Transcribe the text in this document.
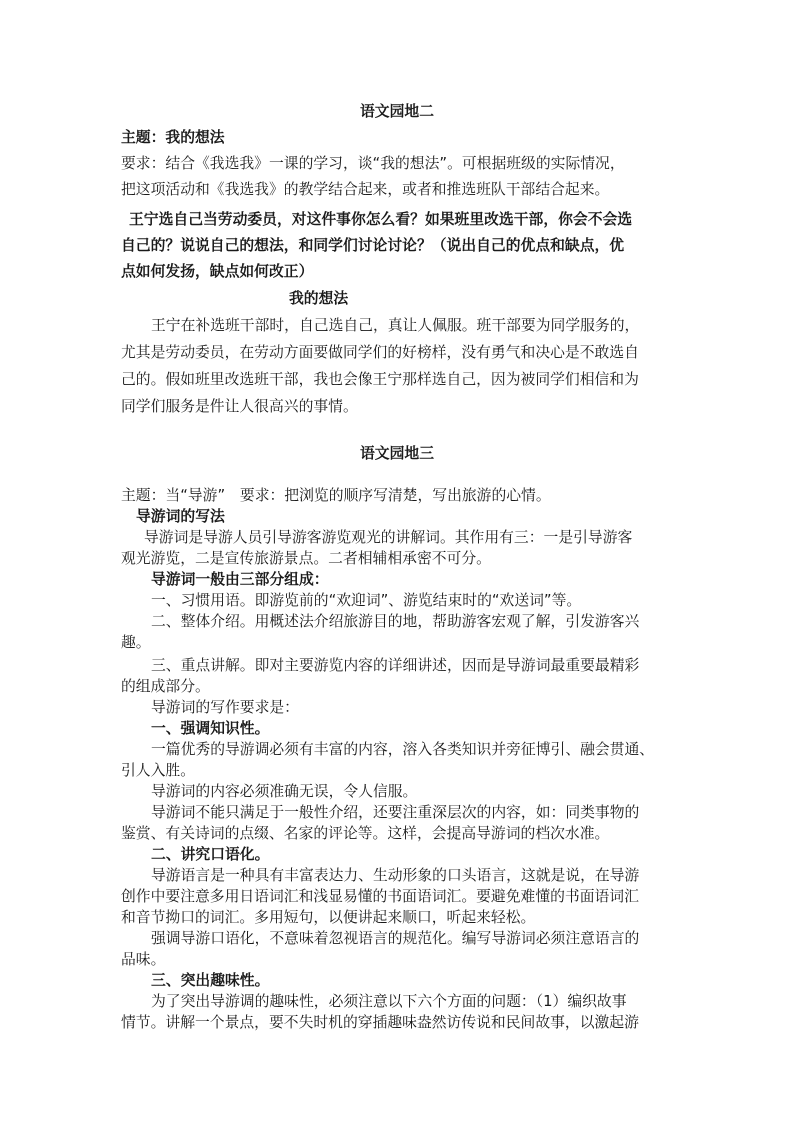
语文园地二
主题：我的想法
要求：结合《我选我》一课的学习，谈“我的想法”。可根据班级的实际情况，
把这项活动和《我选我》的教学结合起来，或者和推选班队干部结合起来。
王宁选自己当劳动委员，对这件事你怎么看？如果班里改选干部，你会不会选
自己的？说说自己的想法，和同学们讨论讨论？（说出自己的优点和缺点，优
点如何发扬，缺点如何改正）
我的想法
王宁在补选班干部时，自己选自己，真让人佩服。班干部要为同学服务的，
尤其是劳动委员，在劳动方面要做同学们的好榜样，没有勇气和决心是不敢选自
己的。假如班里改选班干部，我也会像王宁那样选自己，因为被同学们相信和为
同学们服务是件让人很高兴的事情。
语文园地三
主题：当“导游”　要求：把浏览的顺序写清楚，写出旅游的心情。
导游词的写法
导游词是导游人员引导游客游览观光的讲解词。其作用有三：一是引导游客
观光游览，二是宣传旅游景点。二者相辅相承密不可分。
导游词一般由三部分组成：
一、习惯用语。即游览前的“欢迎词”、游览结束时的“欢送词”等。
二、整体介绍。用概述法介绍旅游目的地，帮助游客宏观了解，引发游客兴
趣。
三、重点讲解。即对主要游览内容的详细讲述，因而是导游词最重要最精彩
的组成部分。
导游词的写作要求是：
一、强调知识性。
一篇优秀的导游调必须有丰富的内容，溶入各类知识并旁征博引、融会贯通、
引人入胜。
导游词的内容必须准确无误，令人信服。
导游词不能只满足于一般性介绍，还要注重深层次的内容，如：同类事物的
鉴赏、有关诗词的点缀、名家的评论等。这样，会提高导游词的档次水准。
二、讲究口语化。
导游语言是一种具有丰富表达力、生动形象的口头语言，这就是说，在导游
创作中要注意多用日语词汇和浅显易懂的书面语词汇。要避免难懂的书面语词汇
和音节拗口的词汇。多用短句，以便讲起来顺口，听起来轻松。
强调导游口语化，不意味着忽视语言的规范化。编写导游词必须注意语言的
品味。
三、突出趣味性。
为了突出导游调的趣味性，必须注意以下六个方面的问题：（1）编织故事
情节。讲解一个景点，要不失时机的穿插趣味盎然访传说和民间故事，以激起游
